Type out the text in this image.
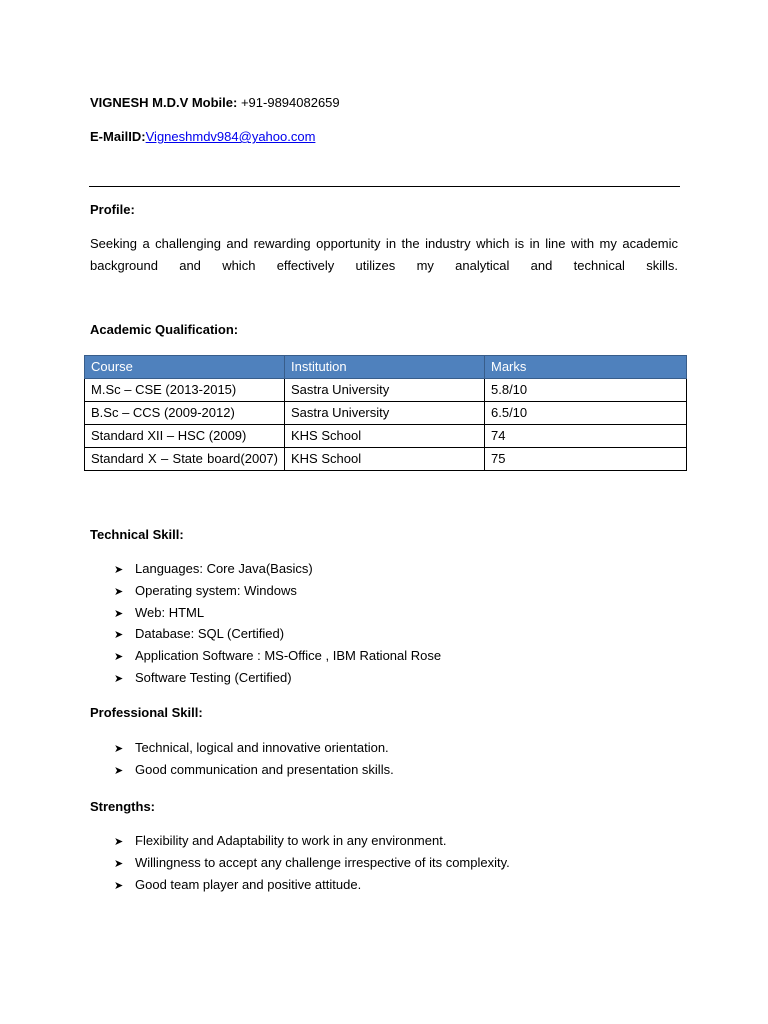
VIGNESH M.D.V Mobile: +91-9894082659
E-MailID:Vigneshmdv984@yahoo.com
Profile:
Seeking a challenging and rewarding opportunity in the industry which is in line with my academic background and which effectively utilizes my analytical and technical skills.
Academic Qualification:
Course	Institution	Marks
M.Sc – CSE (2013-2015)	Sastra University	5.8/10
B.Sc – CCS (2009-2012)	Sastra University	6.5/10
Standard XII – HSC (2009)	KHS School	74
Standard X – State board(2007)	KHS School	75
Technical Skill:
➤ Languages: Core Java(Basics)
➤ Operating system: Windows
➤ Web: HTML
➤ Database: SQL (Certified)
➤ Application Software : MS-Office , IBM Rational Rose
➤ Software Testing (Certified)
Professional Skill:
➤ Technical, logical and innovative orientation.
➤ Good communication and presentation skills.
Strengths:
➤ Flexibility and Adaptability to work in any environment.
➤ Willingness to accept any challenge irrespective of its complexity.
➤ Good team player and positive attitude.
